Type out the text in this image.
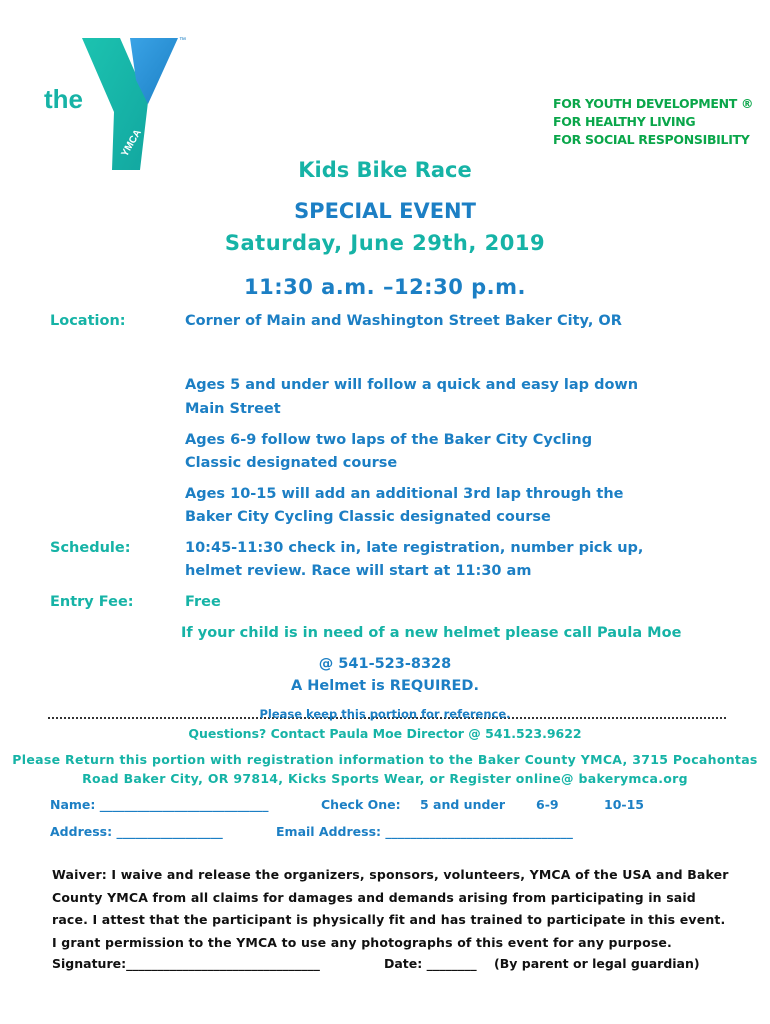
the
YMCA
™
FOR YOUTH DEVELOPMENT ®
FOR HEALTHY LIVING
FOR SOCIAL RESPONSIBILITY
Kids Bike Race
SPECIAL EVENT
Saturday, June 29th, 2019
11:30 a.m. –12:30 p.m.
Location:	Corner of Main and Washington Street Baker City, OR
Ages 5 and under will follow a quick and easy lap down
Main Street
Ages 6-9 follow two laps of the Baker City Cycling
Classic designated course
Ages 10-15 will add an additional 3rd lap through the
Baker City Cycling Classic designated course
Schedule:	10:45-11:30 check in, late registration, number pick up,
helmet review. Race will start at 11:30 am
Entry Fee:	Free
If your child is in need of a new helmet please call Paula Moe
@ 541-523-8328
A Helmet is REQUIRED.
Please keep this portion for reference.
Questions? Contact Paula Moe Director @ 541.523.9622
Please Return this portion with registration information to the Baker County YMCA, 3715 Pocahontas
Road Baker City, OR 97814, Kicks Sports Wear, or Register online@ bakerymca.org
Name: ___________________________	Check One: 5 and under 6-9	10-15
Address: _________________	Email Address: ______________________________
Waiver: I waive and release the organizers, sponsors, volunteers, YMCA of the USA and Baker County YMCA from all claims for damages and demands arising from participating in said race. I attest that the participant is physically fit and has trained to participate in this event. I grant permission to the YMCA to use any photographs of this event for any purpose.
Signature:_______________________________	Date: ________ (By parent or legal guardian)
